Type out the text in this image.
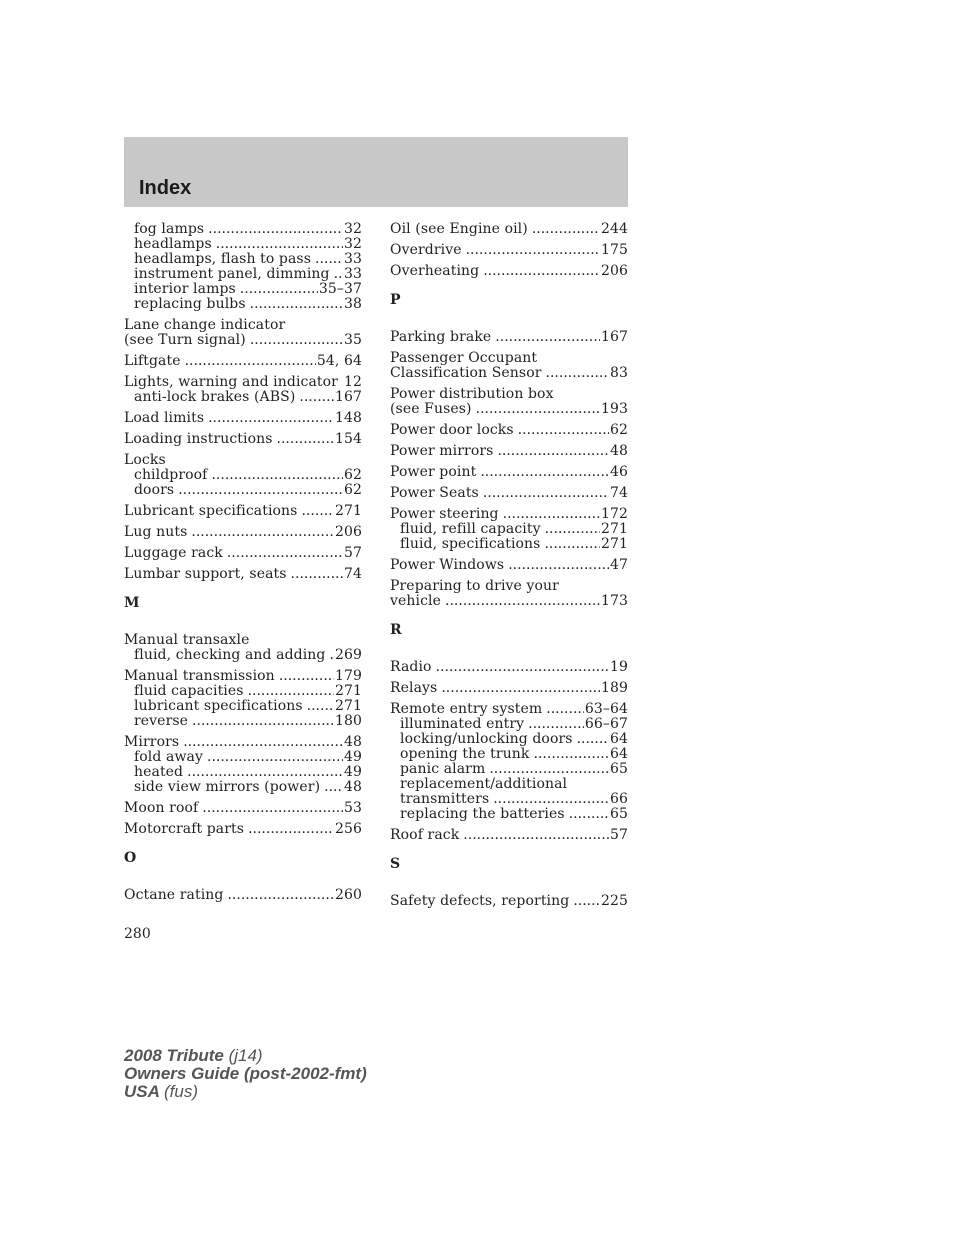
Index
fog lamps .....	32
headlamps .....	32
headlamps, flash to pass ..... 33
instrument panel, dimming ..... 33
interior lamps .....	35–37
replacing bulbs .....	38
Lane change indicator
(see Turn signal) .....	35
Liftgate .....	54, 64
Lights, warning and indicator ..... 12
anti-lock brakes (ABS) .....	167
Load limits .....	148
Loading instructions .....	154
Locks
childproof .....	62
doors .....	62
Lubricant specifications .....	271
Lug nuts .....	206
Luggage rack .....	57
Lumbar support, seats .....	74
M
Manual transaxle
fluid, checking and adding ..... 269
Manual transmission .....	179
fluid capacities .....	271
lubricant specifications ..... 271
reverse .....	180
Mirrors .....	48
fold away .....	49
heated .....	49
side view mirrors (power) ..... 48
Moon roof .....	53
Motorcraft parts .....	256
O
Octane rating .....	260
Oil (see Engine oil) .....	244
Overdrive .....	175
Overheating .....	206
P
Parking brake .....	167
Passenger Occupant
Classification Sensor .....	83
Power distribution box
(see Fuses) .....	193
Power door locks .....	62
Power mirrors .....	48
Power point .....	46
Power Seats .....	74
Power steering .....	172
fluid, refill capacity .....	271
fluid, specifications .....	271
Power Windows .....	47
Preparing to drive your
vehicle .....	173
R
Radio .....	19
Relays .....	189
Remote entry system .....	63–64
illuminated entry .....	66–67
locking/unlocking doors .....	64
opening the trunk .....	64
panic alarm .....	65
replacement/additional
transmitters .....	66
replacing the batteries .....	65
Roof rack .....	57
S
Safety defects, reporting ..... 225
280
2008 Tribute (j14)
Owners Guide (post-2002-fmt)
USA (fus)
